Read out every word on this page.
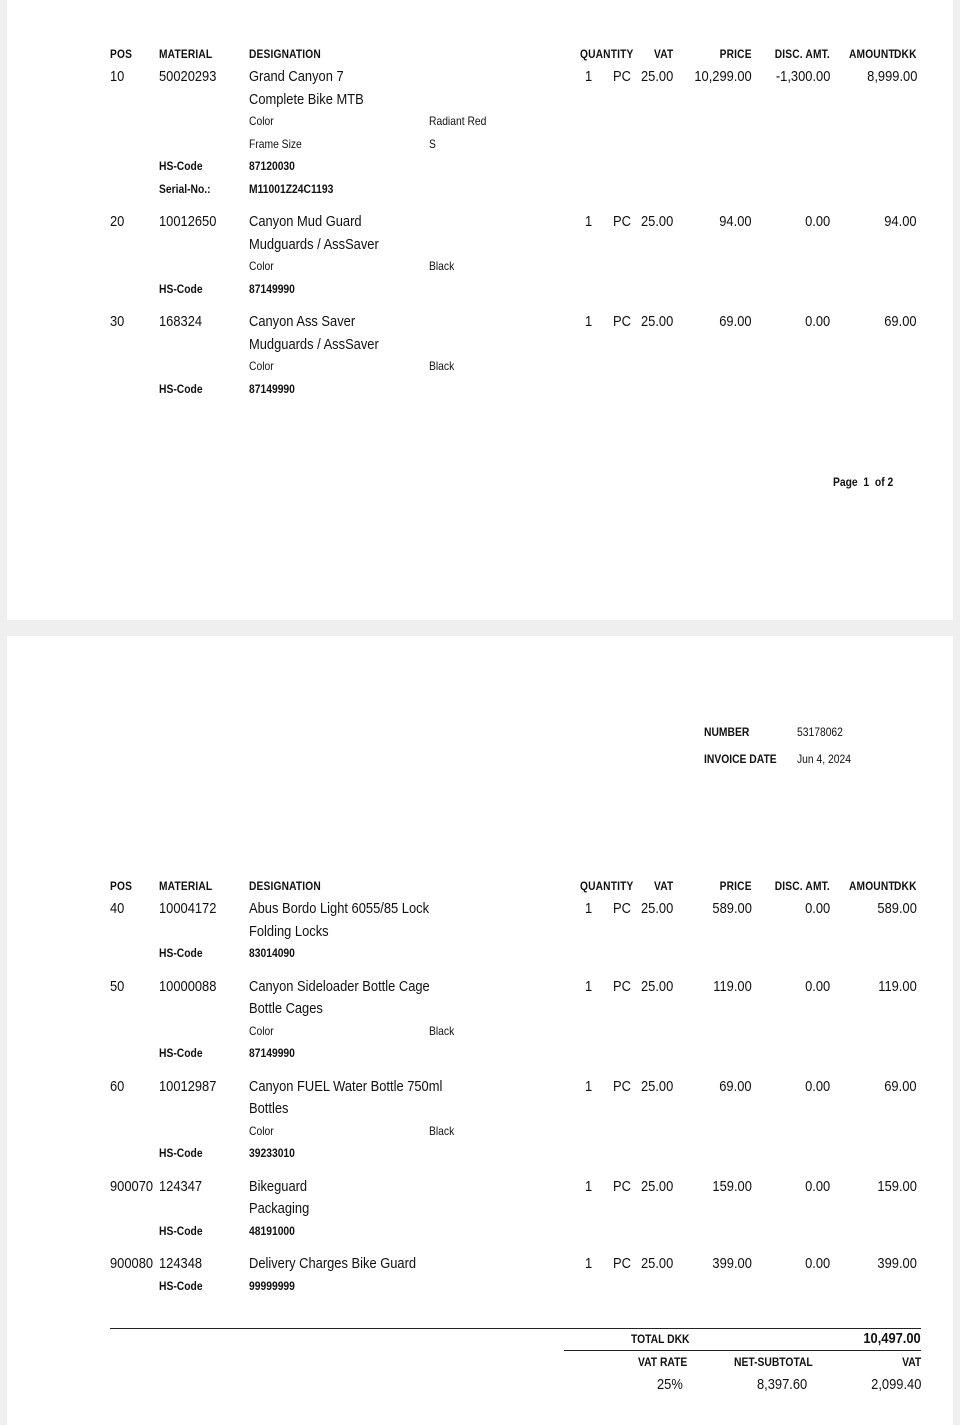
Page 1 of 2
POS MATERIAL	DESIGNATION	QUANTITY VAT	PRICE DISC. AMT. AMOUNT DKK
10 50020293	1 PC 25.00 10,299.00 -1,300.00 8,999.00
Grand Canyon 7
Complete Bike MTB
Color	Radiant Red
Frame Size	S
HS-Code	87120030
Serial-No.:	M11001Z24C1193
20 10012650	1 PC 25.00	94.00	0.00	94.00
Canyon Mud Guard
Mudguards / AssSaver
Color	Black
HS-Code	87149990
30 168324	1 PC 25.00	69.00	0.00	69.00
Canyon Ass Saver
Mudguards / AssSaver
Color	Black
HS-Code	87149990
NUMBER	53178062
INVOICE DATE Jun 4, 2024
TOTAL DKK	10,497.00
VAT RATE	NET-SUBTOTAL	VAT
25%	8,397.60	2,099.40
POS MATERIAL	DESIGNATION	QUANTITY VAT	PRICE DISC. AMT. AMOUNT DKK
40 10004172	1 PC 25.00	589.00	0.00	589.00
Abus Bordo Light 6055/85 Lock
Folding Locks
HS-Code	83014090
50 10000088	1 PC 25.00	119.00	0.00	119.00
Canyon Sideloader Bottle Cage
Bottle Cages
Color	Black
HS-Code	87149990
60 10012987	1 PC 25.00	69.00	0.00	69.00
Canyon FUEL Water Bottle 750ml
Bottles
Color	Black
HS-Code	39233010
900070 124347	1 PC 25.00	159.00	0.00	159.00
Bikeguard
Packaging
HS-Code	48191000
900080 124348	1 PC 25.00	399.00	0.00	399.00
Delivery Charges Bike Guard
HS-Code	99999999
